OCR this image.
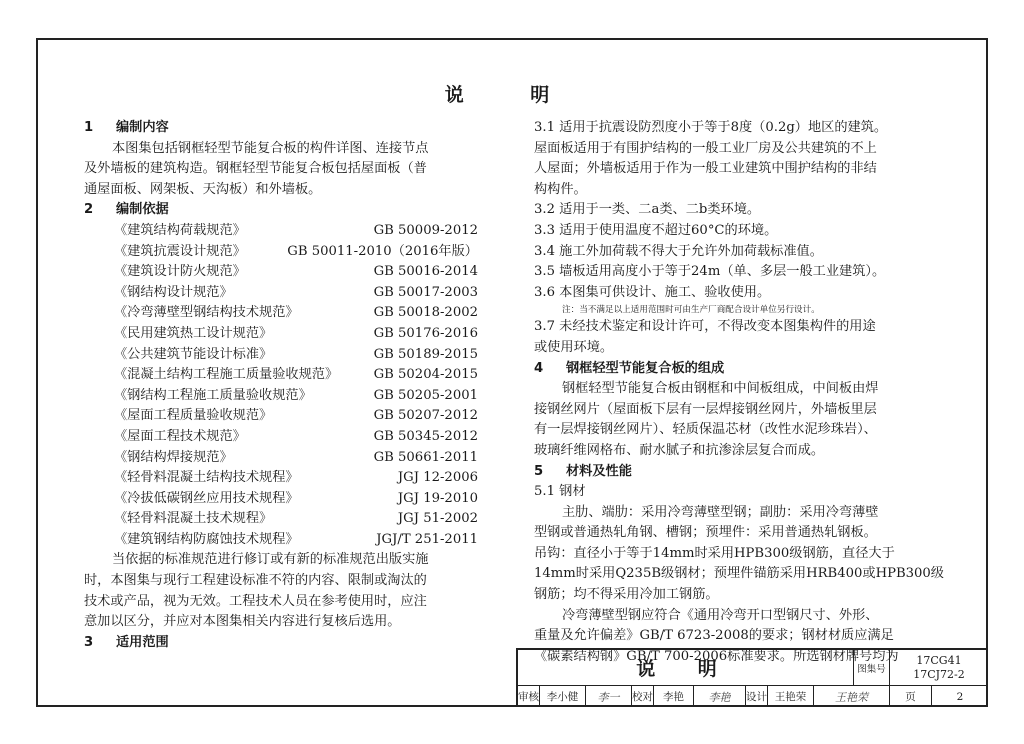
说 明
1 编制内容
本图集包括钢框轻型节能复合板的构件详图、连接节点
及外墙板的建筑构造。钢框轻型节能复合板包括屋面板（普
通屋面板、网架板、天沟板）和外墙板。
2 编制依据
《建筑结构荷载规范》	GB 50009-2012
《建筑抗震设计规范》	GB 50011-2010（2016年版）
《建筑设计防火规范》	GB 50016-2014
《钢结构设计规范》	GB 50017-2003
《冷弯薄壁型钢结构技术规范》	GB 50018-2002
《民用建筑热工设计规范》	GB 50176-2016
《公共建筑节能设计标准》	GB 50189-2015
《混凝土结构工程施工质量验收规范》	GB 50204-2015
《钢结构工程施工质量验收规范》	GB 50205-2001
《屋面工程质量验收规范》	GB 50207-2012
《屋面工程技术规范》	GB 50345-2012
《钢结构焊接规范》	GB 50661-2011
《轻骨料混凝土结构技术规程》	JGJ 12-2006
《冷拔低碳钢丝应用技术规程》	JGJ 19-2010
《轻骨料混凝土技术规程》	JGJ 51-2002
《建筑钢结构防腐蚀技术规程》	JGJ/T 251-2011
当依据的标准规范进行修订或有新的标准规范出版实施
时，本图集与现行工程建设标准不符的内容、限制或淘汰的
技术或产品，视为无效。工程技术人员在参考使用时，应注
意加以区分，并应对本图集相关内容进行复核后选用。
3 适用范围
3.1 适用于抗震设防烈度小于等于8度（0.2g）地区的建筑。
屋面板适用于有围护结构的一般工业厂房及公共建筑的不上
人屋面；外墙板适用于作为一般工业建筑中围护结构的非结
构构件。
3.2 适用于一类、二a类、二b类环境。
3.3 适用于使用温度不超过60°C的环境。
3.4 施工外加荷载不得大于允许外加荷载标准值。
3.5 墙板适用高度小于等于24m（单、多层一般工业建筑）。
3.6 本图集可供设计、施工、验收使用。
注：当不满足以上适用范围时可由生产厂商配合设计单位另行设计。
3.7 未经技术鉴定和设计许可，不得改变本图集构件的用途
或使用环境。
4 钢框轻型节能复合板的组成
钢框轻型节能复合板由钢框和中间板组成，中间板由焊
接钢丝网片（屋面板下层有一层焊接钢丝网片，外墙板里层
有一层焊接钢丝网片）、轻质保温芯材（改性水泥珍珠岩）、
玻璃纤维网格布、耐水腻子和抗渗涂层复合而成。
5 材料及性能
5.1 钢材
主肋、端肋：采用冷弯薄壁型钢；副肋：采用冷弯薄壁
型钢或普通热轧角钢、槽钢；预埋件：采用普通热轧钢板。
吊钩：直径小于等于14mm时采用HPB300级钢筋，直径大于
14mm时采用Q235B级钢材；预埋件锚筋采用HRB400或HPB300级
钢筋；均不得采用冷加工钢筋。
冷弯薄壁型钢应符合《通用冷弯开口型钢尺寸、外形、
重量及允许偏差》GB/T 6723-2008的要求；钢材材质应满足
《碳素结构钢》GB/T 700-2006标准要求。所选钢材牌号均为
说 明	图集号
17CG41
17CJ72-2
审核 李小健	李一 校对 李艳	李艳 设计 王艳荣	王艳荣	页	2
